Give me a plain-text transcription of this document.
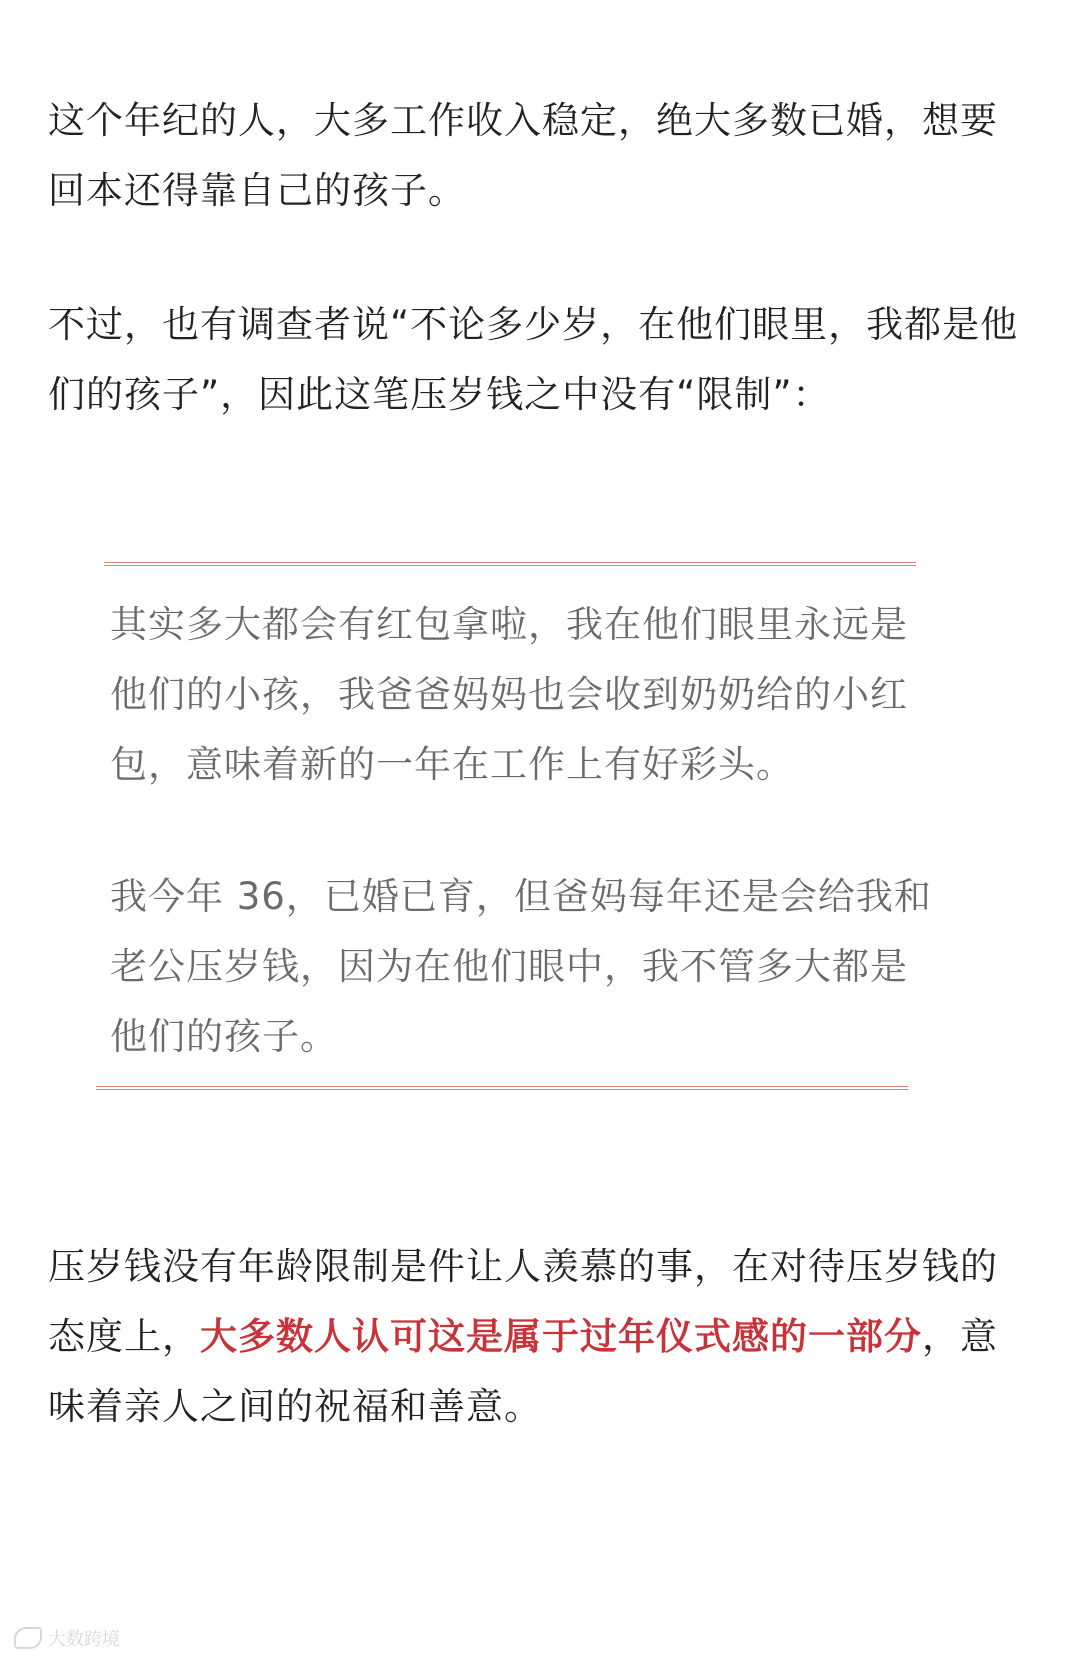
这个年纪的人，大多工作收入稳定，绝大多数已婚，想要
回本还得靠自己的孩子。

不过，也有调查者说“不论多少岁，在他们眼里，我都是他
们的孩子”，因此这笔压岁钱之中没有“限制”：

其实多大都会有红包拿啦，我在他们眼里永远是
他们的小孩，我爸爸妈妈也会收到奶奶给的小红
包，意味着新的一年在工作上有好彩头。

我今年 36，已婚已育，但爸妈每年还是会给我和
老公压岁钱，因为在他们眼中，我不管多大都是
他们的孩子。

压岁钱没有年龄限制是件让人羡慕的事，在对待压岁钱的
态度上，大多数人认可这是属于过年仪式感的一部分，意
味着亲人之间的祝福和善意。

大数跨境
